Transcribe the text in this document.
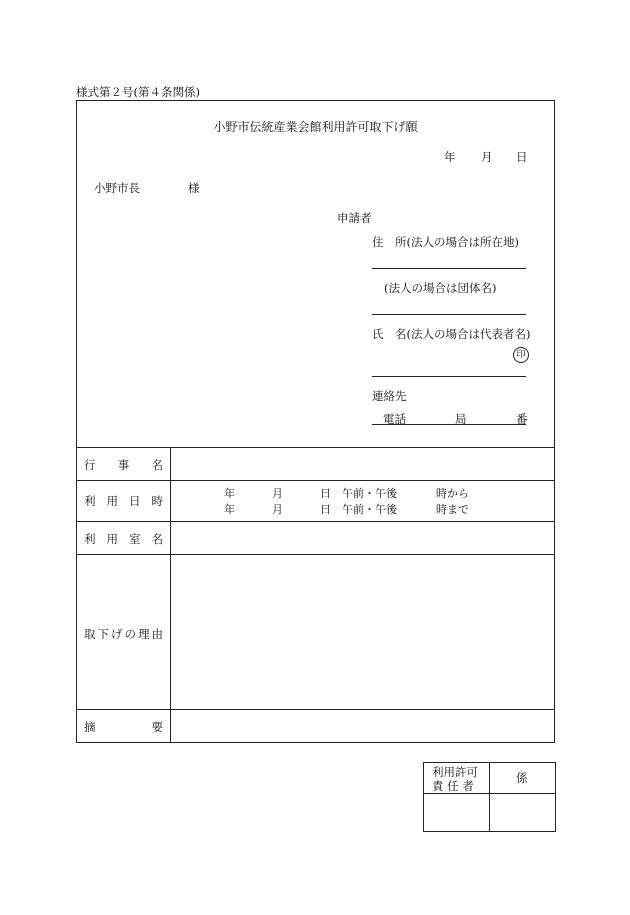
様式第２号(第４条関係)
小野市伝統産業会館利用許可取下げ願
年 月 日
小野市長	様
申請者
住　所(法人の場合は所在地)
(法人の場合は団体名)
氏　名(法人の場合は代表者名)
印
連絡先
電話	局	番
行 事 名
利 用 日 時
年	月	日 午前・午後	時から
年	月	日 午前・午後	時まで
利 用 室 名
取 下 げ の 理 由
摘	要
利用許可
責 任 者
係
